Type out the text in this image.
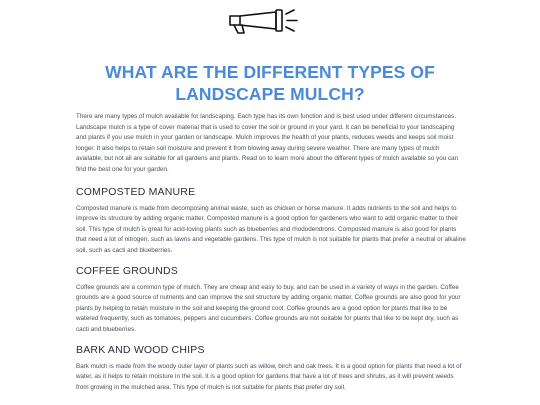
WHAT ARE THE DIFFERENT TYPES OF LANDSCAPE MULCH?

There are many types of mulch available for landscaping. Each type has its own function and is best used under different circumstances. Landscape mulch is a type of cover material that is used to cover the soil or ground in your yard. It can be beneficial to your landscaping and plants if you use mulch in your garden or landscape. Mulch improves the health of your plants, reduces weeds and keeps soil moist longer. It also helps to retain soil moisture and prevent it from blowing away during severe weather. There are many types of mulch available, but not all are suitable for all gardens and plants. Read on to learn more about the different types of mulch available so you can find the best one for your garden.

COMPOSTED MANURE

Composted manure is made from decomposing animal waste, such as chicken or horse manure. It adds nutrients to the soil and helps to improve its structure by adding organic matter. Composted manure is a good option for gardeners who want to add organic matter to their soil. This type of mulch is great for acid-loving plants such as blueberries and rhododendrons. Composted manure is also good for plants that need a lot of nitrogen, such as lawns and vegetable gardens. This type of mulch is not suitable for plants that prefer a neutral or alkaline soil, such as cacti and blueberries.

COFFEE GROUNDS

Coffee grounds are a common type of mulch. They are cheap and easy to buy, and can be used in a variety of ways in the garden. Coffee grounds are a good source of nutrients and can improve the soil structure by adding organic matter. Coffee grounds are also good for your plants by helping to retain moisture in the soil and keeping the ground cool. Coffee grounds are a good option for plants that like to be watered frequently, such as tomatoes, peppers and cucumbers. Coffee grounds are not suitable for plants that like to be kept dry, such as cacti and blueberries.

BARK AND WOOD CHIPS

Bark mulch is made from the woody outer layer of plants such as willow, birch and oak trees. It is a good option for plants that need a lot of water, as it helps to retain moisture in the soil. It is a good option for gardens that have a lot of trees and shrubs, as it will prevent weeds from growing in the mulched area. This type of mulch is not suitable for plants that prefer dry soil.
